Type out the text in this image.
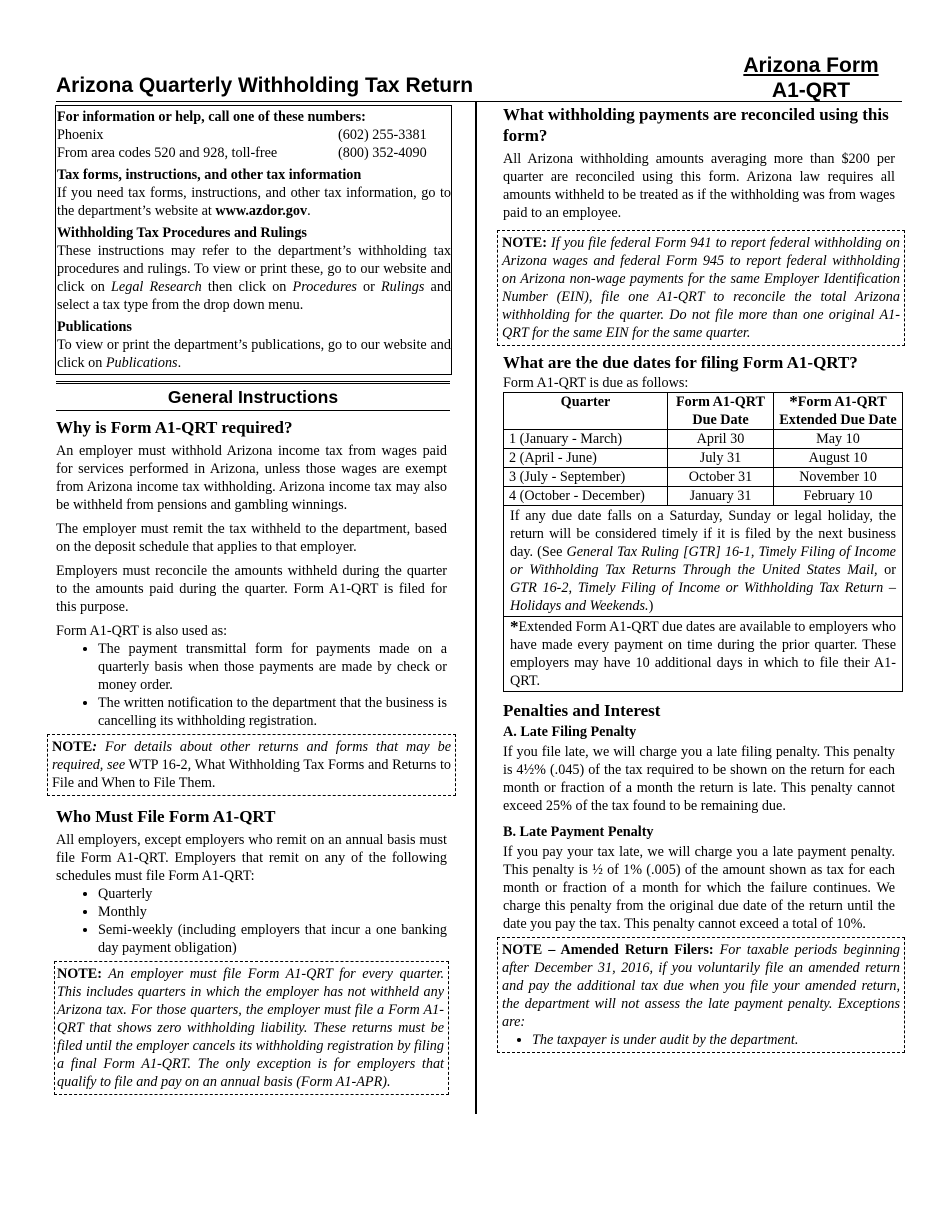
Arizona Quarterly Withholding Tax Return
Arizona Form
A1-QRT
For information or help, call one of these numbers:
Phoenix	(602) 255-3381
From area codes 520 and 928, toll-free	(800) 352-4090
Tax forms, instructions, and other tax information

If you need tax forms, instructions, and other tax information, go to the department’s website at www.azdor.gov.

Withholding Tax Procedures and Rulings

These instructions may refer to the department’s withholding tax procedures and rulings. To view or print these, go to our website and click on Legal Research then click on Procedures or Rulings and select a tax type from the drop down menu.

Publications

To view or print the department’s publications, go to our website and click on Publications.

General Instructions
Why is Form A1-QRT required?

An employer must withhold Arizona income tax from wages paid for services performed in Arizona, unless those wages are exempt from Arizona income tax withholding. Arizona income tax may also be withheld from pensions and gambling winnings.

The employer must remit the tax withheld to the department, based on the deposit schedule that applies to that employer.

Employers must reconcile the amounts withheld during the quarter to the amounts paid during the quarter. Form A1-QRT is filed for this purpose.

Form A1-QRT is also used as:

• The payment transmittal form for payments made on a quarterly basis when those payments are made by check or money order.
• The written notification to the department that the business is cancelling its withholding registration.

NOTE: For details about other returns and forms that may be required, see WTP 16-2, What Withholding Tax Forms and Returns to File and When to File Them.

Who Must File Form A1-QRT

All employers, except employers who remit on an annual basis must file Form A1-QRT. Employers that remit on any of the following schedules must file Form A1-QRT:

• Quarterly
• Monthly
• Semi-weekly (including employers that incur a one banking day payment obligation)

NOTE: An employer must file Form A1-QRT for every quarter. This includes quarters in which the employer has not withheld any Arizona tax. For those quarters, the employer must file a Form A1-QRT that shows zero withholding liability. These returns must be filed until the employer cancels its withholding registration by filing a final Form A1-QRT. The only exception is for employers that qualify to file and pay on an annual basis (Form A1-APR).

What withholding payments are reconciled using this form?

All Arizona withholding amounts averaging more than $200 per quarter are reconciled using this form. Arizona law requires all amounts withheld to be treated as if the withholding was from wages paid to an employee.

NOTE: If you file federal Form 941 to report federal withholding on Arizona wages and federal Form 945 to report federal withholding on Arizona non-wage payments for the same Employer Identification Number (EIN), file one A1-QRT to reconcile the total Arizona withholding for the quarter. Do not file more than one original A1-QRT for the same EIN for the same quarter.

What are the due dates for filing Form A1-QRT?

Form A1-QRT is due as follows:

Quarter	Form A1-QRT Due Date	*Form A1-QRT Extended Due Date
1 (January - March)	April 30	May 10
2 (April - June)	July 31	August 10
3 (July - September)	October 31	November 10
4 (October - December)	January 31	February 10
If any due date falls on a Saturday, Sunday or legal holiday, the return will be considered timely if it is filed by the next business day. (See General Tax Ruling [GTR] 16-1, Timely Filing of Income or Withholding Tax Returns Through the United States Mail, or GTR 16-2, Timely Filing of Income or Withholding Tax Return – Holidays and Weekends.)		
*Extended Form A1-QRT due dates are available to employers who have made every payment on time during the prior quarter. These employers may have 10 additional days in which to file their A1-QRT.		
Penalties and Interest
A. Late Filing Penalty

If you file late, we will charge you a late filing penalty. This penalty is 4½% (.045) of the tax required to be shown on the return for each month or fraction of a month the return is late. This penalty cannot exceed 25% of the tax found to be remaining due.

B. Late Payment Penalty

If you pay your tax late, we will charge you a late payment penalty. This penalty is ½ of 1% (.005) of the amount shown as tax for each month or fraction of a month for which the failure continues. We charge this penalty from the original due date of the return until the date you pay the tax. This penalty cannot exceed a total of 10%.

NOTE – Amended Return Filers: For taxable periods beginning after December 31, 2016, if you voluntarily file an amended return and pay the additional tax due when you file your amended return, the department will not assess the late payment penalty. Exceptions are:

• The taxpayer is under audit by the department.
